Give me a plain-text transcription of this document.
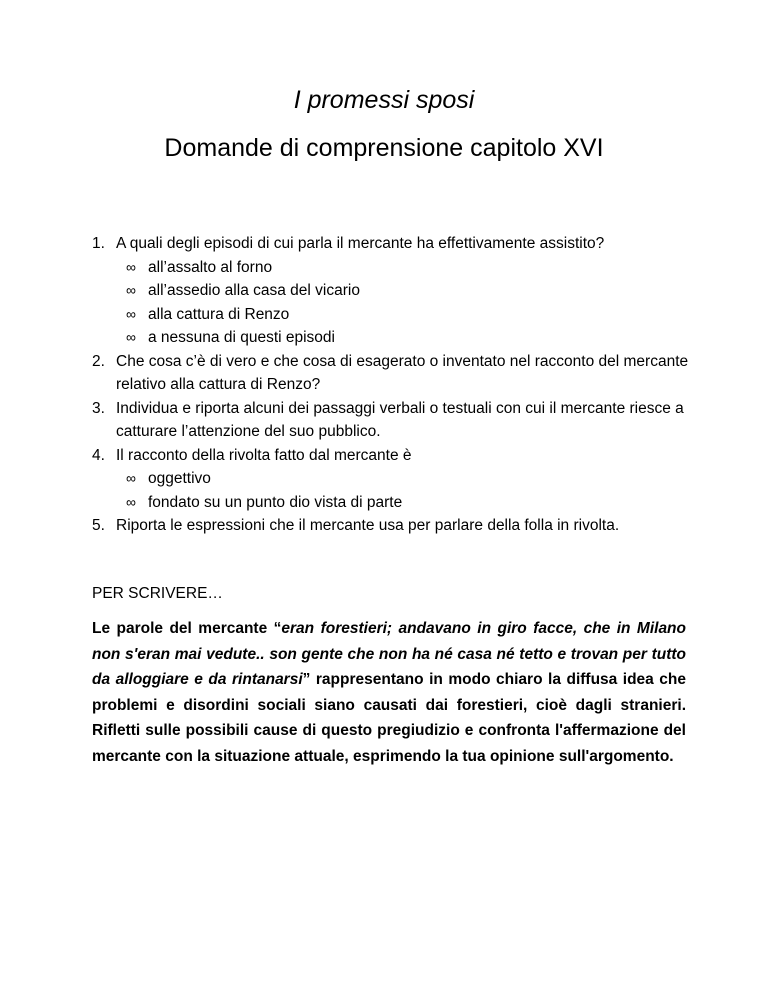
I promessi sposi
Domande di comprensione capitolo XVI
1. A quali degli episodi di cui parla il mercante ha effettivamente assistito?
∞ all’assalto al forno
∞ all’assedio alla casa del vicario
∞ alla cattura di Renzo
∞ a nessuna di questi episodi
2. Che cosa c’è di vero e che cosa di esagerato o inventato nel racconto del mercante relativo alla cattura di Renzo?
3. Individua e riporta alcuni dei passaggi verbali o testuali con cui il mercante riesce a catturare l’attenzione del suo pubblico.
4. Il racconto della rivolta fatto dal mercante è
∞ oggettivo
∞ fondato su un punto dio vista di parte
5. Riporta le espressioni che il mercante usa per parlare della folla in rivolta.
PER SCRIVERE…
Le parole del mercante “eran forestieri; andavano in giro facce, che in Milano non s'eran mai vedute.. son gente che non ha né casa né tetto e trovan per tutto da alloggiare e da rintanarsi” rappresentano in modo chiaro la diffusa idea che problemi e disordini sociali siano causati dai forestieri, cioè dagli stranieri. Rifletti sulle possibili cause di questo pregiudizio e confronta l'affermazione del mercante con la situazione attuale, esprimendo la tua opinione sull'argomento.
